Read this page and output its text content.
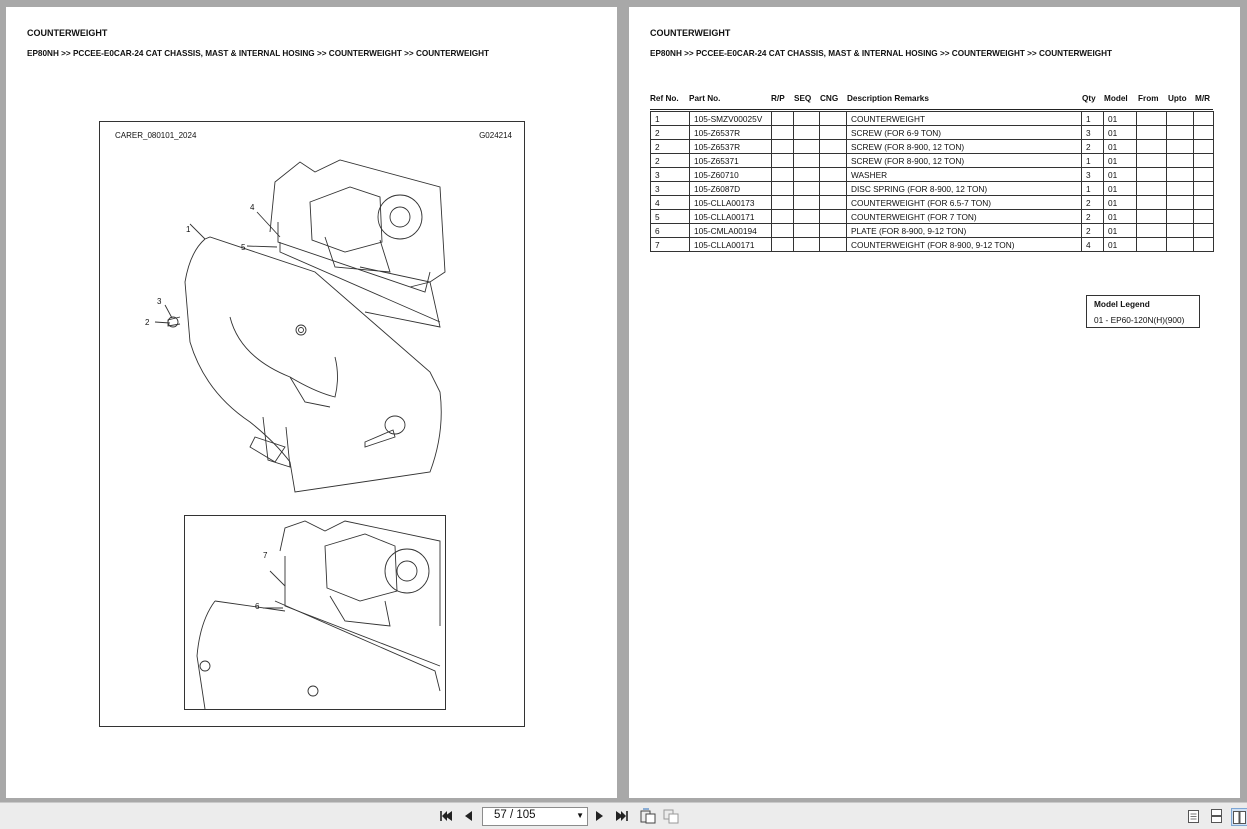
COUNTERWEIGHT
EP80NH >> PCCEE-E0CAR-24 CAT CHASSIS, MAST & INTERNAL HOSING >> COUNTERWEIGHT >> COUNTERWEIGHT
CARER_080101_2024	G024214
1
2
3
4
5
7
6
COUNTERWEIGHT
EP80NH >> PCCEE-E0CAR-24 CAT CHASSIS, MAST & INTERNAL HOSING >> COUNTERWEIGHT >> COUNTERWEIGHT
Ref No. Part No.	R/P SEQ CNG Description Remarks	Qty Model From Upto M/R
1	105-SMZV00025V				COUNTERWEIGHT	1	01			
2	105-Z6537R				SCREW (FOR 6-9 TON)	3	01			
2	105-Z6537R				SCREW (FOR 8-900, 12 TON)	2	01			
2	105-Z65371				SCREW (FOR 8-900, 12 TON)	1	01			
3	105-Z60710				WASHER	3	01			
3	105-Z6087D				DISC SPRING (FOR 8-900, 12 TON)	1	01			
4	105-CLLA00173				COUNTERWEIGHT (FOR 6.5-7 TON)	2	01			
5	105-CLLA00171				COUNTERWEIGHT (FOR 7 TON)	2	01			
6	105-CMLA00194				PLATE (FOR 8-900, 9-12 TON)	2	01			
7	105-CLLA00171				COUNTERWEIGHT (FOR 8-900, 9-12 TON)	4	01			
Model Legend
01 - EP60-120N(H)(900)
57 / 105	▼
